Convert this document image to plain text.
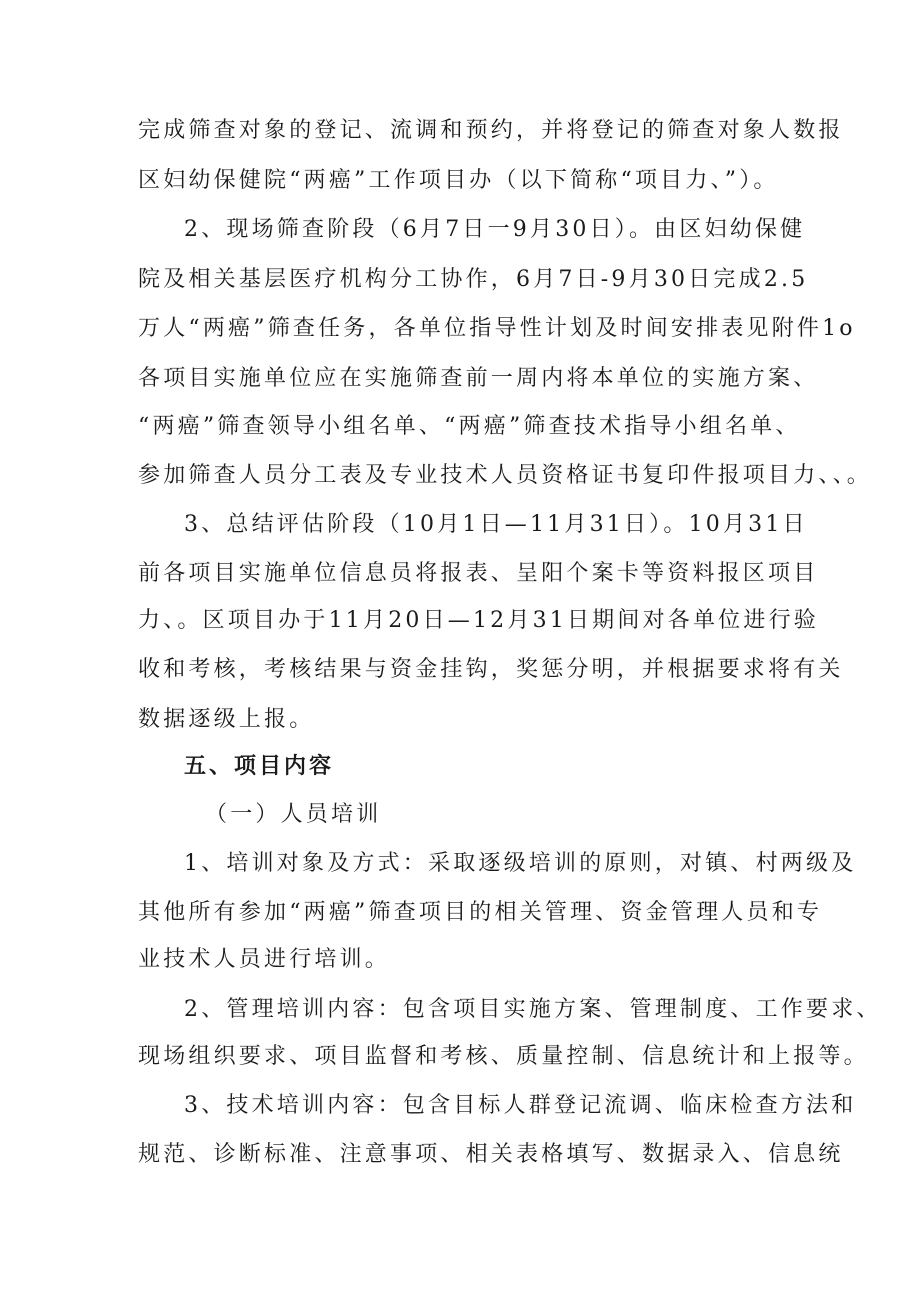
完成筛查对象的登记、流调和预约，并将登记的筛查对象人数报
区妇幼保健院“两癌”工作项目办（以下简称“项目力、”）。
2、现场筛查阶段（6月7日一9月30日）。由区妇幼保健
院及相关基层医疗机构分工协作，6月7日-9月30日完成2.5
万人“两癌”筛查任务，各单位指导性计划及时间安排表见附件1o
各项目实施单位应在实施筛查前一周内将本单位的实施方案、
“两癌”筛查领导小组名单、“两癌”筛查技术指导小组名单、
参加筛查人员分工表及专业技术人员资格证书复印件报项目力、、。
3、总结评估阶段（10月1日—11月31日）。10月31日
前各项目实施单位信息员将报表、呈阳个案卡等资料报区项目
力、。区项目办于11月20日—12月31日期间对各单位进行验
收和考核，考核结果与资金挂钩，奖惩分明，并根据要求将有关
数据逐级上报。
五、项目内容
（一）人员培训
1、培训对象及方式：采取逐级培训的原则，对镇、村两级及
其他所有参加“两癌”筛查项目的相关管理、资金管理人员和专
业技术人员进行培训。
2、管理培训内容：包含项目实施方案、管理制度、工作要求、
现场组织要求、项目监督和考核、质量控制、信息统计和上报等。
3、技术培训内容：包含目标人群登记流调、临床检查方法和
规范、诊断标准、注意事项、相关表格填写、数据录入、信息统
